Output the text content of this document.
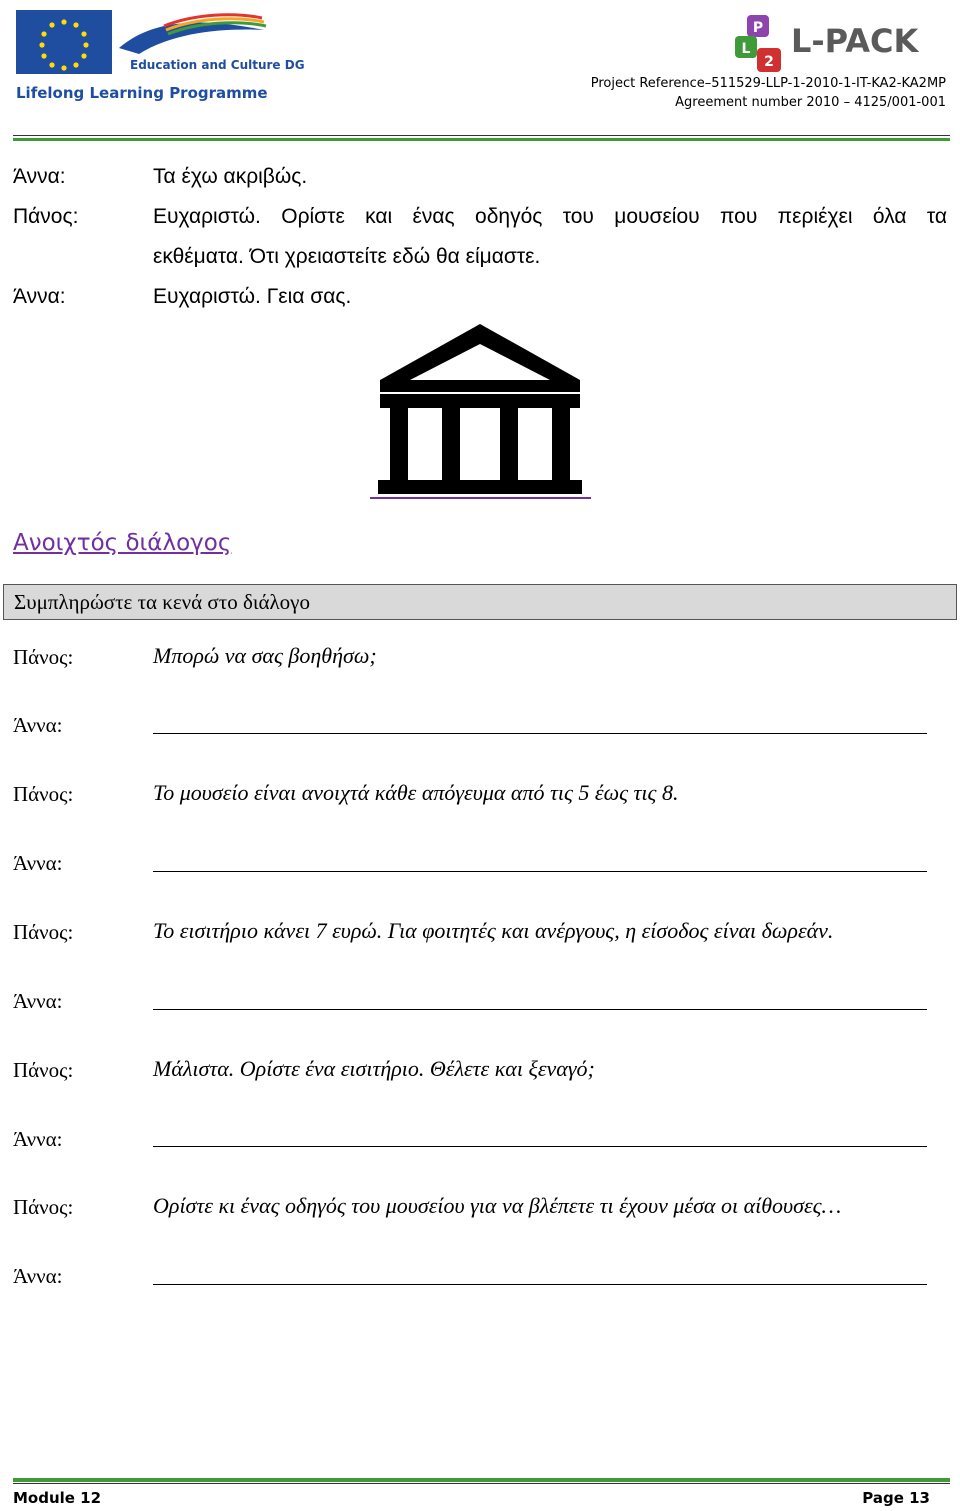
Education and Culture DG
Lifelong Learning Programme
P
L
2
L-PACK
Project Reference–511529-LLP-1-2010-1-IT-KA2-KA2MP
Agreement number 2010 – 4125/001-001
Άννα:	Τα έχω ακριβώς.
Πάνος:	Ευχαριστώ. Ορίστε και ένας οδηγός του μουσείου που περιέχει όλα τα
εκθέματα. Ότι χρειαστείτε εδώ θα είμαστε.
Άννα:	Ευχαριστώ. Γεια σας.
Ανοιχτός διάλογος
Συμπληρώστε τα κενά στο διάλογο
Πάνος:	Μπορώ να σας βοηθήσω;
Άννα:
Πάνος:	Το μουσείο είναι ανοιχτά κάθε απόγευμα από τις 5 έως τις 8.
Άννα:
Πάνος:	Το εισιτήριο κάνει 7 ευρώ. Για φοιτητές και ανέργους, η είσοδος είναι δωρεάν.
Άννα:
Πάνος:	Μάλιστα. Ορίστε ένα εισιτήριο. Θέλετε και ξεναγό;
Άννα:
Πάνος:	Ορίστε κι ένας οδηγός του μουσείου για να βλέπετε τι έχουν μέσα οι αίθουσες…
Άννα:
Module 12	Page 13
